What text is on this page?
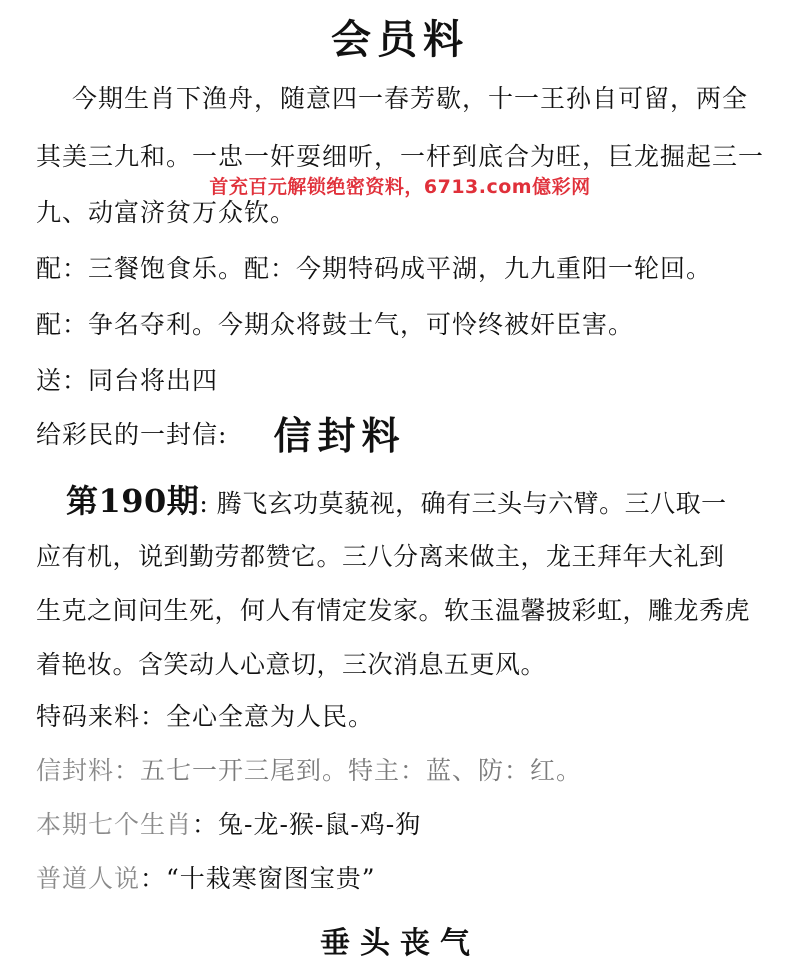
会员料
今期生肖下渔舟，随意四一春芳歇，十一王孙自可留，两全
其美三九和。一忠一奸耍细听，一杆到底合为旺，巨龙掘起三一
首充百元解锁绝密资料，6713.com億彩网
九、动富济贫万众钦。
配：三餐饱食乐。配：今期特码成平湖，九九重阳一轮回。
配：争名夺利。今期众将鼓士气，可怜终被奸臣害。
送：同台将出四
给彩民的一封信: 信封料
第190期: 腾飞玄功莫藐视，确有三头与六臂。三八取一
应有机，说到勤劳都赞它。三八分离来做主，龙王拜年大礼到
生克之间问生死，何人有情定发家。软玉温馨披彩虹，雕龙秀虎
着艳妆。含笑动人心意切，三次消息五更风。
特码来料：全心全意为人民。
信封料：五七一开三尾到。特主：蓝、防：红。
本期七个生肖：兔-龙-猴-鼠-鸡-狗
普道人说：“十栽寒窗图宝贵”
垂头丧气
